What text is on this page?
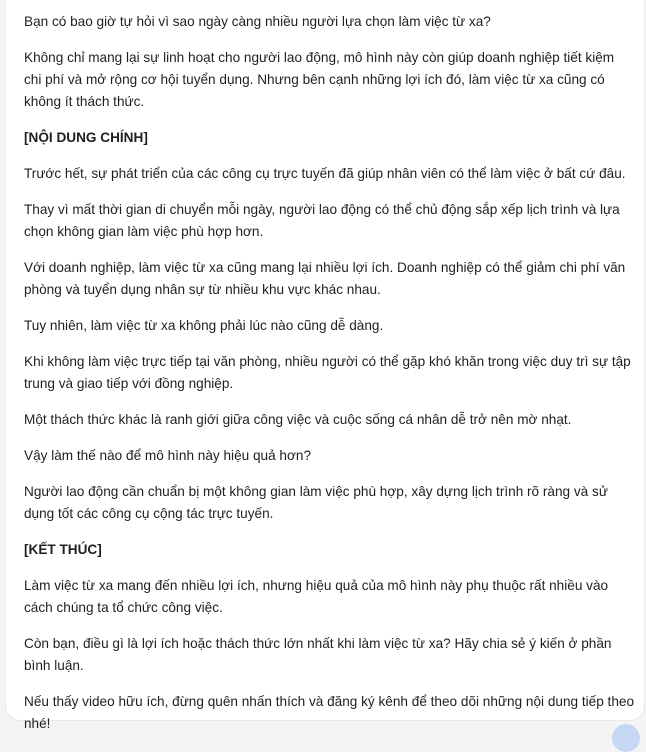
Bạn có bao giờ tự hỏi vì sao ngày càng nhiều người lựa chọn làm việc từ xa?

Không chỉ mang lại sự linh hoạt cho người lao động, mô hình này còn giúp doanh nghiệp tiết kiệm chi phí và mở rộng cơ hội tuyển dụng. Nhưng bên cạnh những lợi ích đó, làm việc từ xa cũng có không ít thách thức.

[NỘI DUNG CHÍNH]

Trước hết, sự phát triển của các công cụ trực tuyến đã giúp nhân viên có thể làm việc ở bất cứ đâu.

Thay vì mất thời gian di chuyển mỗi ngày, người lao động có thể chủ động sắp xếp lịch trình và lựa chọn không gian làm việc phù hợp hơn.

Với doanh nghiệp, làm việc từ xa cũng mang lại nhiều lợi ích. Doanh nghiệp có thể giảm chi phí văn phòng và tuyển dụng nhân sự từ nhiều khu vực khác nhau.

Tuy nhiên, làm việc từ xa không phải lúc nào cũng dễ dàng.

Khi không làm việc trực tiếp tại văn phòng, nhiều người có thể gặp khó khăn trong việc duy trì sự tập trung và giao tiếp với đồng nghiệp.

Một thách thức khác là ranh giới giữa công việc và cuộc sống cá nhân dễ trở nên mờ nhạt.

Vậy làm thế nào để mô hình này hiệu quả hơn?

Người lao động cần chuẩn bị một không gian làm việc phù hợp, xây dựng lịch trình rõ ràng và sử dụng tốt các công cụ cộng tác trực tuyến.

[KẾT THÚC]

Làm việc từ xa mang đến nhiều lợi ích, nhưng hiệu quả của mô hình này phụ thuộc rất nhiều vào cách chúng ta tổ chức công việc.

Còn bạn, điều gì là lợi ích hoặc thách thức lớn nhất khi làm việc từ xa? Hãy chia sẻ ý kiến ở phần bình luận.

Nếu thấy video hữu ích, đừng quên nhấn thích và đăng ký kênh để theo dõi những nội dung tiếp theo nhé!
